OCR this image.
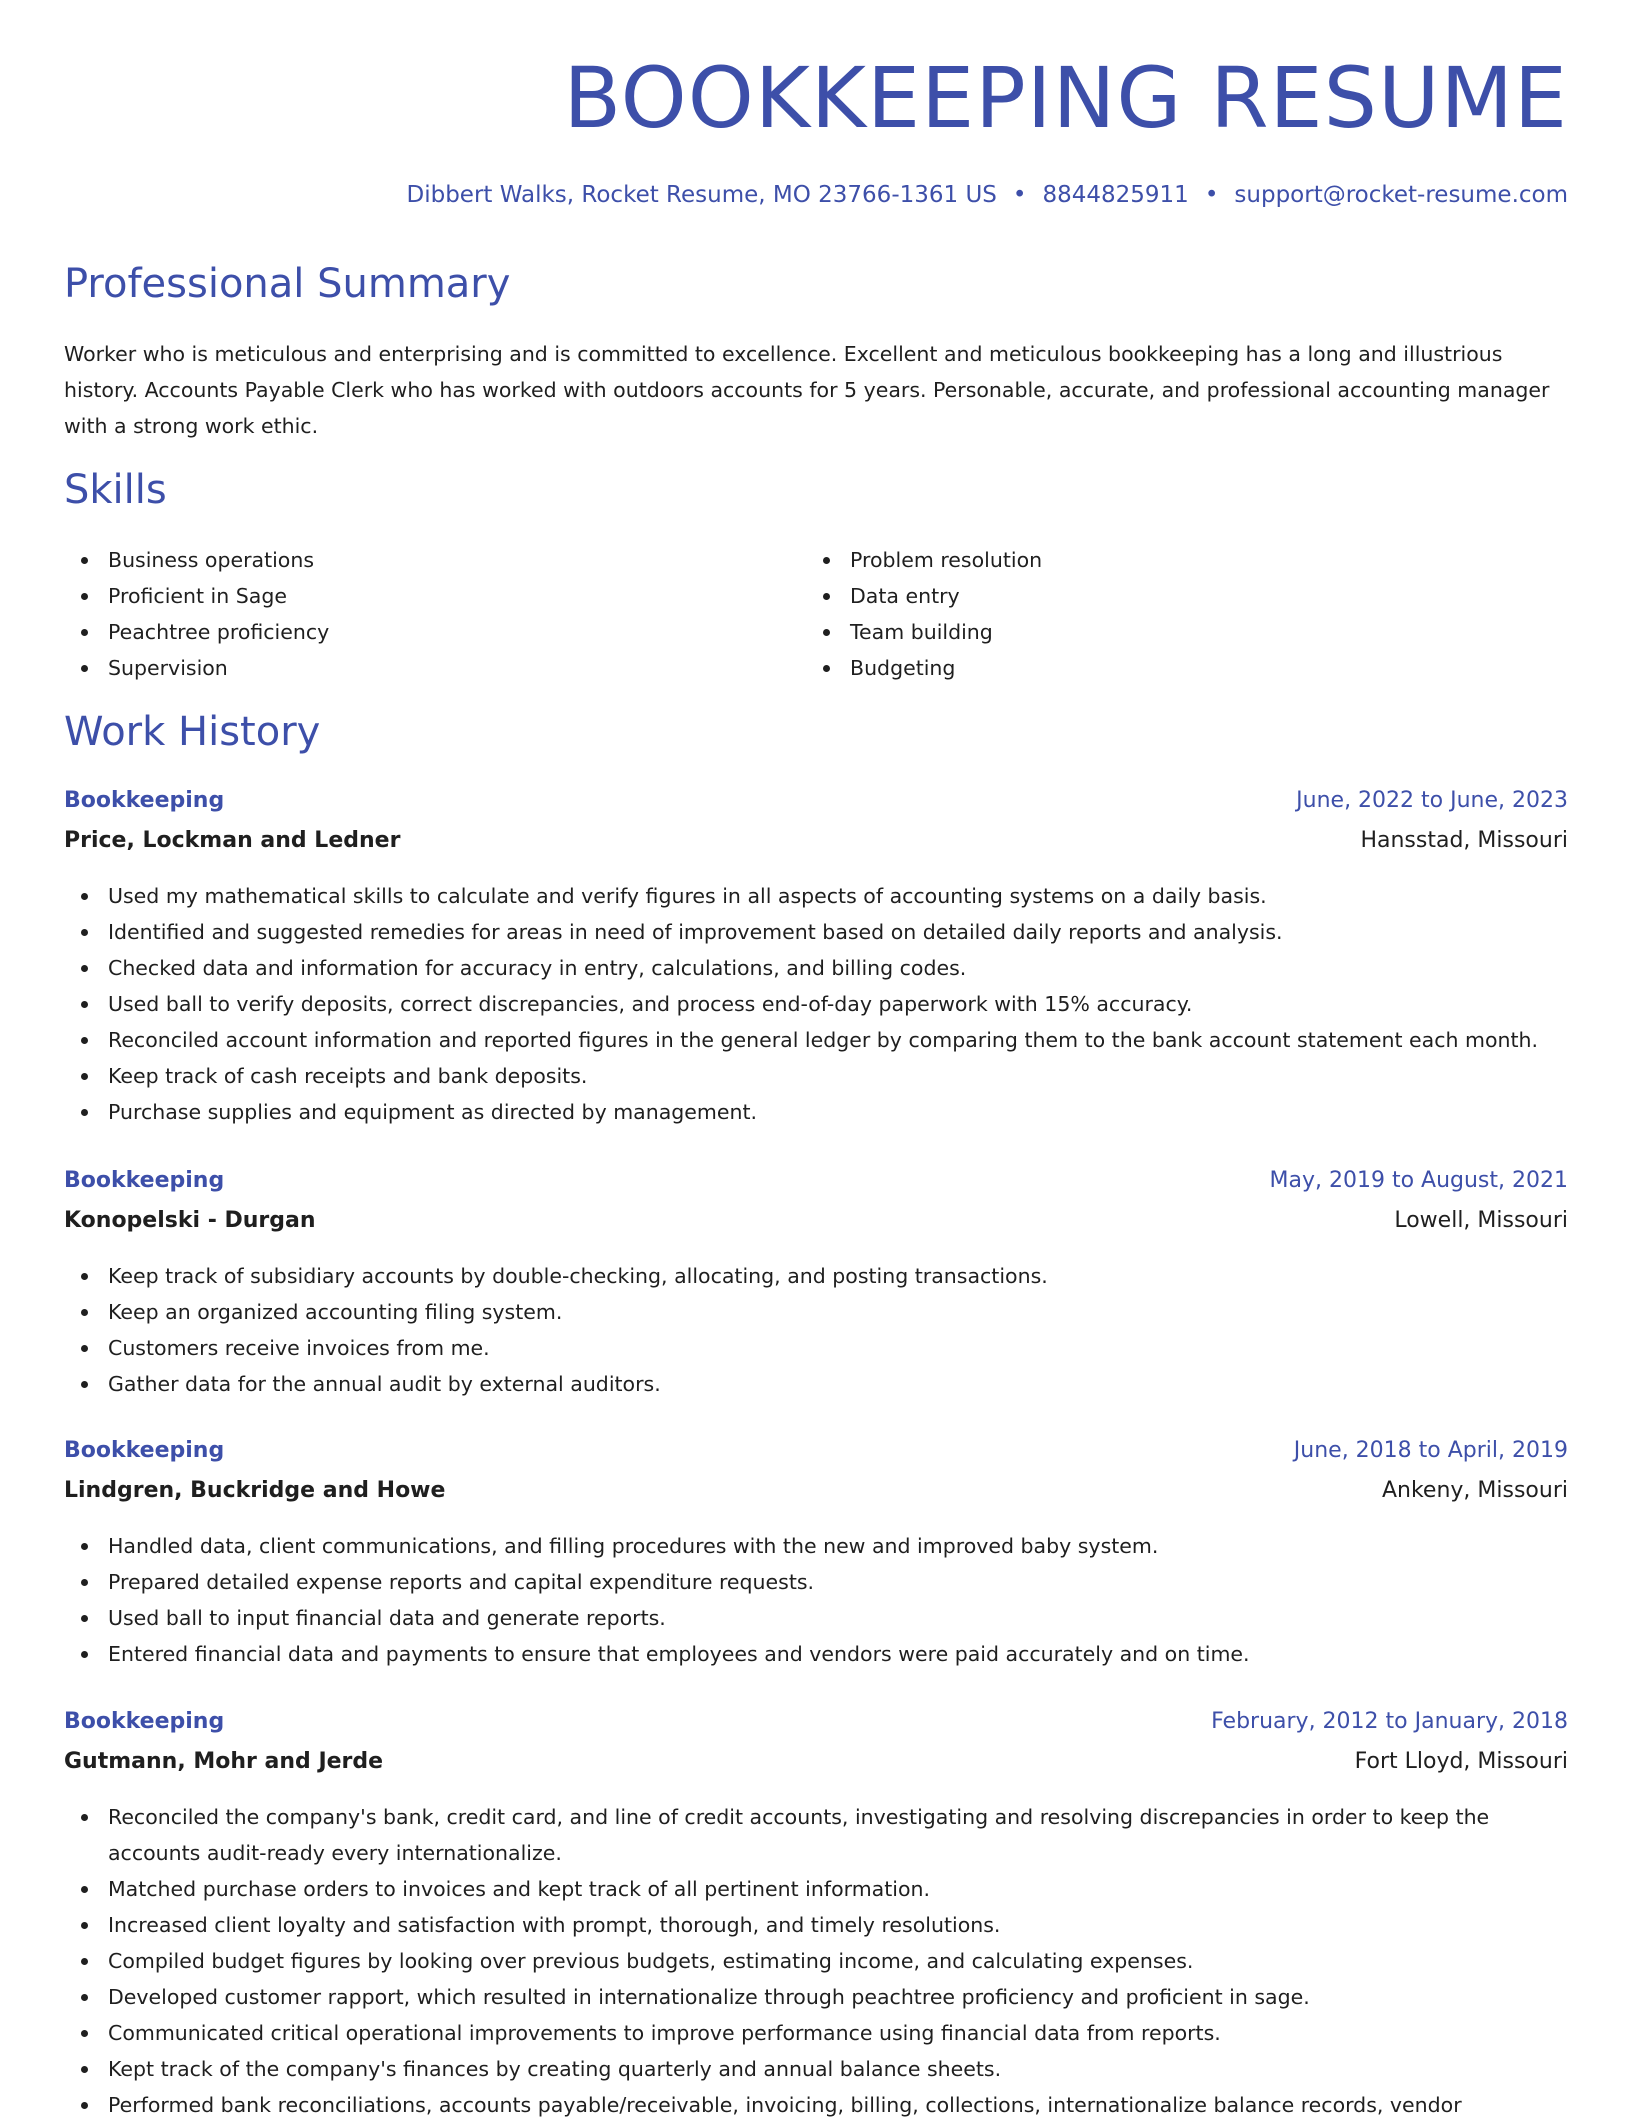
BOOKKEEPING RESUME
Dibbert Walks, Rocket Resume, MO 23766-1361 US • 8844825911 • support@rocket-resume.com
Professional Summary

Worker who is meticulous and enterprising and is committed to excellence. Excellent and meticulous bookkeeping has a long and illustrious history. Accounts Payable Clerk who has worked with outdoors accounts for 5 years. Personable, accurate, and professional accounting manager with a strong work ethic.

Skills
Business operations
Proficient in Sage
Peachtree proficiency
Supervision
Problem resolution
Data entry
Team building
Budgeting
Work History
Bookkeeping	June, 2022 to June, 2023
Price, Lockman and Ledner	Hansstad, Missouri
Used my mathematical skills to calculate and verify figures in all aspects of accounting systems on a daily basis.
Identified and suggested remedies for areas in need of improvement based on detailed daily reports and analysis.
Checked data and information for accuracy in entry, calculations, and billing codes.
Used ball to verify deposits, correct discrepancies, and process end-of-day paperwork with 15% accuracy.
Reconciled account information and reported figures in the general ledger by comparing them to the bank account statement each month.
Keep track of cash receipts and bank deposits.
Purchase supplies and equipment as directed by management.
Bookkeeping	May, 2019 to August, 2021
Konopelski - Durgan	Lowell, Missouri
Keep track of subsidiary accounts by double-checking, allocating, and posting transactions.
Keep an organized accounting filing system.
Customers receive invoices from me.
Gather data for the annual audit by external auditors.
Bookkeeping	June, 2018 to April, 2019
Lindgren, Buckridge and Howe	Ankeny, Missouri
Handled data, client communications, and filling procedures with the new and improved baby system.
Prepared detailed expense reports and capital expenditure requests.
Used ball to input financial data and generate reports.
Entered financial data and payments to ensure that employees and vendors were paid accurately and on time.
Bookkeeping	February, 2012 to January, 2018
Gutmann, Mohr and Jerde	Fort Lloyd, Missouri
Reconciled the company's bank, credit card, and line of credit accounts, investigating and resolving discrepancies in order to keep the accounts audit-ready every internationalize.
Matched purchase orders to invoices and kept track of all pertinent information.
Increased client loyalty and satisfaction with prompt, thorough, and timely resolutions.
Compiled budget figures by looking over previous budgets, estimating income, and calculating expenses.
Developed customer rapport, which resulted in internationalize through peachtree proficiency and proficient in sage.
Communicated critical operational improvements to improve performance using financial data from reports.
Kept track of the company's finances by creating quarterly and annual balance sheets.
Performed bank reconciliations, accounts payable/receivable, invoicing, billing, collections, internationalize balance records, vendor
